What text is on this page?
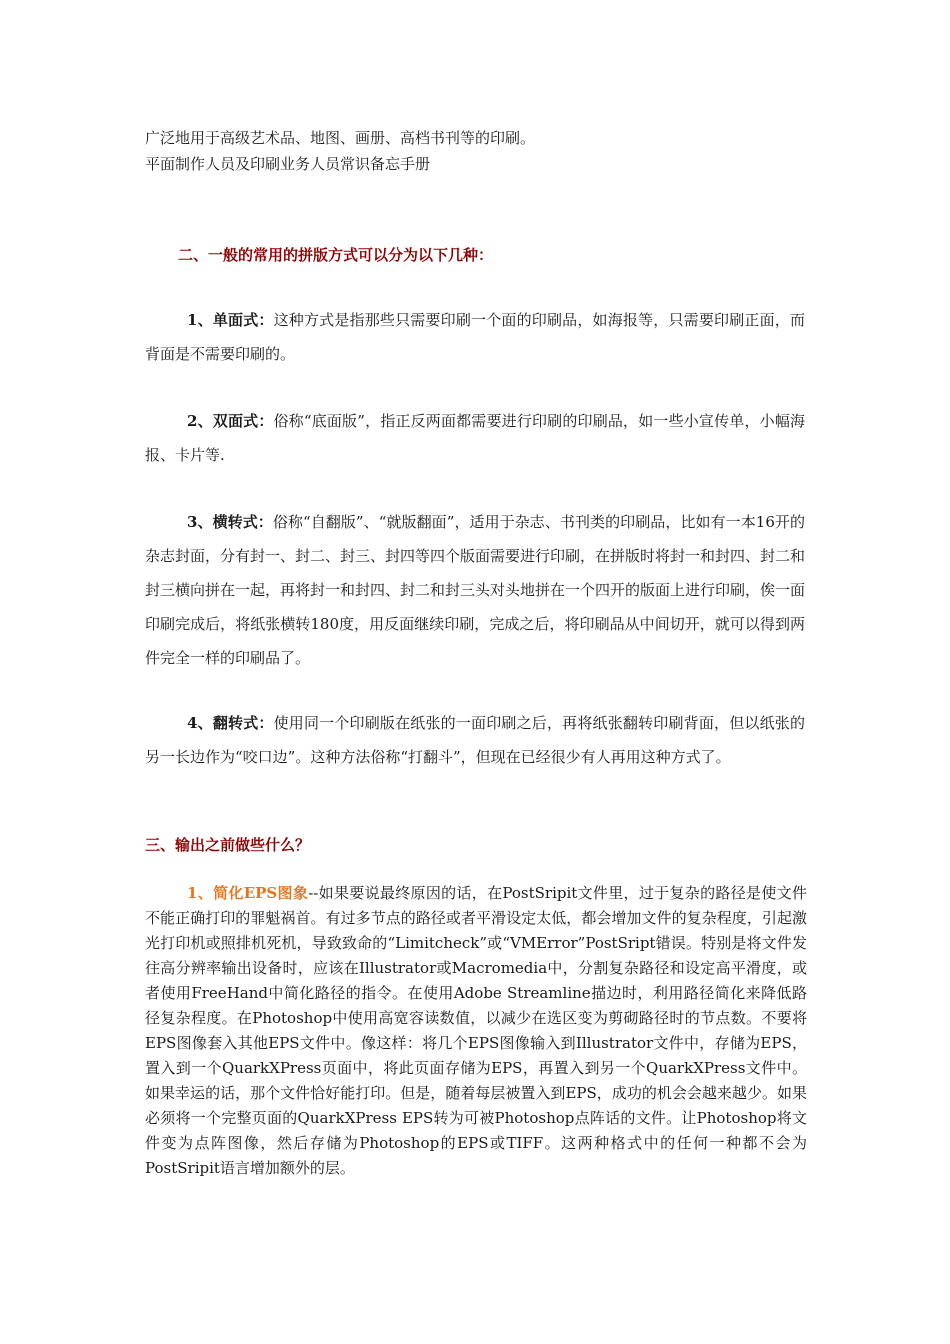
广泛地用于高级艺术品、地图、画册、高档书刊等的印刷。

平面制作人员及印刷业务人员常识备忘手册

二、一般的常用的拼版方式可以分为以下几种：

1、单面式：这种方式是指那些只需要印刷一个面的印刷品，如海报等，只需要印刷正面，而背面是不需要印刷的。

2、双面式：俗称“底面版”，指正反两面都需要进行印刷的印刷品，如一些小宣传单，小幅海报、卡片等.

3、横转式：俗称“自翻版”、“就版翻面”，适用于杂志、书刊类的印刷品，比如有一本16开的杂志封面，分有封一、封二、封三、封四等四个版面需要进行印刷，在拼版时将封一和封四、封二和封三横向拼在一起，再将封一和封四、封二和封三头对头地拼在一个四开的版面上进行印刷，俟一面印刷完成后，将纸张横转180度，用反面继续印刷，完成之后，将印刷品从中间切开，就可以得到两件完全一样的印刷品了。

4、翻转式：使用同一个印刷版在纸张的一面印刷之后，再将纸张翻转印刷背面，但以纸张的另一长边作为“咬口边”。这种方法俗称“打翻斗”，但现在已经很少有人再用这种方式了。

三、输出之前做些什么？

1、简化EPS图象--如果要说最终原因的话，在PostSripit文件里，过于复杂的路径是使文件不能正确打印的罪魁祸首。有过多节点的路径或者平滑设定太低，都会增加文件的复杂程度，引起激光打印机或照排机死机，导致致命的“Limitcheck”或“VMError”PostSript错误。特别是将文件发往高分辨率输出设备时，应该在Illustrator或Macromedia中，分割复杂路径和设定高平滑度，或者使用FreeHand中简化路径的指令。在使用Adobe Streamline描边时，利用路径简化来降低路径复杂程度。在Photoshop中使用高宽容读数值，以减少在选区变为剪砌路径时的节点数。不要将EPS图像套入其他EPS文件中。像这样：将几个EPS图像输入到Illustrator文件中，存储为EPS，置入到一个QuarkXPress页面中，将此页面存储为EPS，再置入到另一个QuarkXPress文件中。如果幸运的话，那个文件恰好能打印。但是，随着每层被置入到EPS，成功的机会会越来越少。如果必须将一个完整页面的QuarkXPress EPS转为可被Photoshop点阵话的文件。让Photoshop将文件变为点阵图像，然后存储为Photoshop的EPS或TIFF。这两种格式中的任何一种都不会为PostSripit语言增加额外的层。
